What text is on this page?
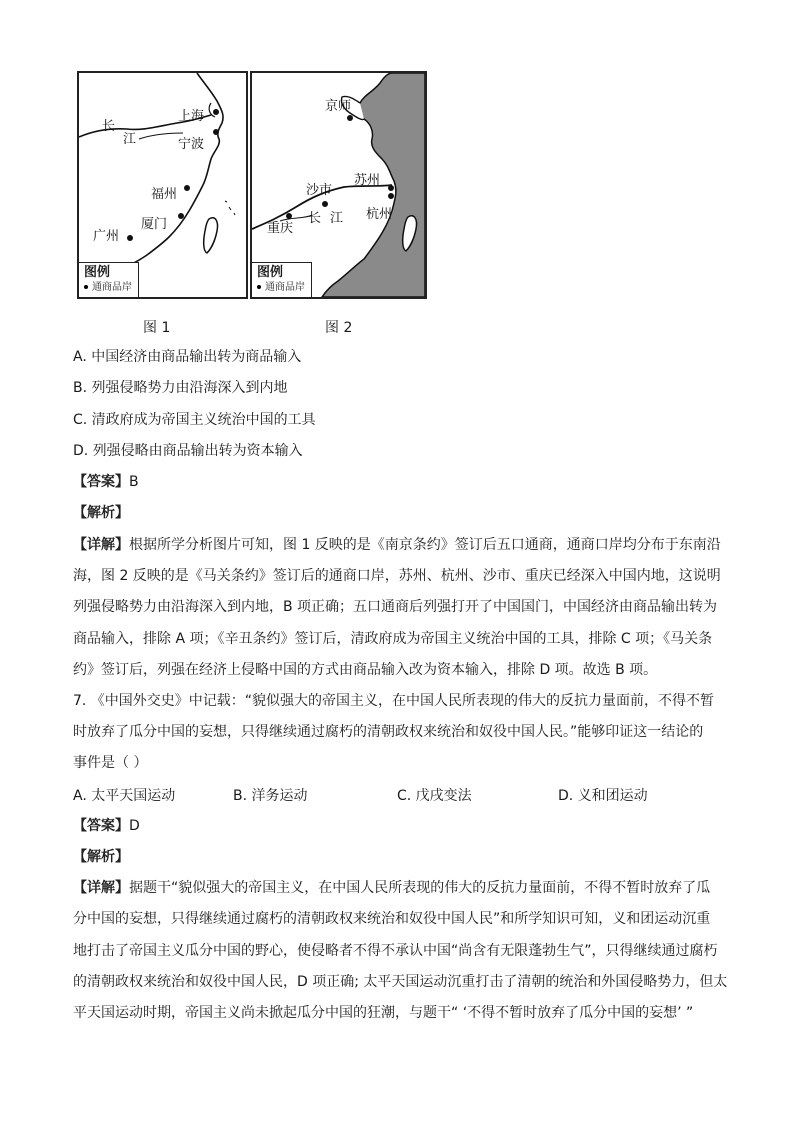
长
江
上海
宁波
福州
厦门
广州
图例
通商品岸
京师
苏州
沙市
杭州
重庆
长 江
图例
通商品岸
图 1	图 2
A. 中国经济由商品输出转为商品输入
B. 列强侵略势力由沿海深入到内地
C. 清政府成为帝国主义统治中国的工具
D. 列强侵略由商品输出转为资本输入
【答案】B
【解析】
【详解】根据所学分析图片可知，图 1 反映的是《南京条约》签订后五口通商，通商口岸均分布于东南沿
海，图 2 反映的是《马关条约》签订后的通商口岸，苏州、杭州、沙市、重庆已经深入中国内地，这说明
列强侵略势力由沿海深入到内地，B 项正确；五口通商后列强打开了中国国门，中国经济由商品输出转为
商品输入，排除 A 项；《辛丑条约》签订后，清政府成为帝国主义统治中国的工具，排除 C 项；《马关条
约》签订后，列强在经济上侵略中国的方式由商品输入改为资本输入，排除 D 项。故选 B 项。
7. 《中国外交史》中记载：“貌似强大的帝国主义，在中国人民所表现的伟大的反抗力量面前，不得不暂
时放弃了瓜分中国的妄想，只得继续通过腐朽的清朝政权来统治和奴役中国人民。”能够印证这一结论的
事件是（ ）
A. 太平天国运动	B. 洋务运动	C. 戊戌变法	D. 义和团运动
【答案】D
【解析】
【详解】据题干“貌似强大的帝国主义，在中国人民所表现的伟大的反抗力量面前，不得不暂时放弃了瓜
分中国的妄想，只得继续通过腐朽的清朝政权来统治和奴役中国人民”和所学知识可知，义和团运动沉重
地打击了帝国主义瓜分中国的野心，使侵略者不得不承认中国“尚含有无限蓬勃生气”，只得继续通过腐朽
的清朝政权来统治和奴役中国人民，D 项正确; 太平天国运动沉重打击了清朝的统治和外国侵略势力，但太
平天国运动时期，帝国主义尚未掀起瓜分中国的狂潮，与题干“ ‘不得不暂时放弃了瓜分中国的妄想’ ”
